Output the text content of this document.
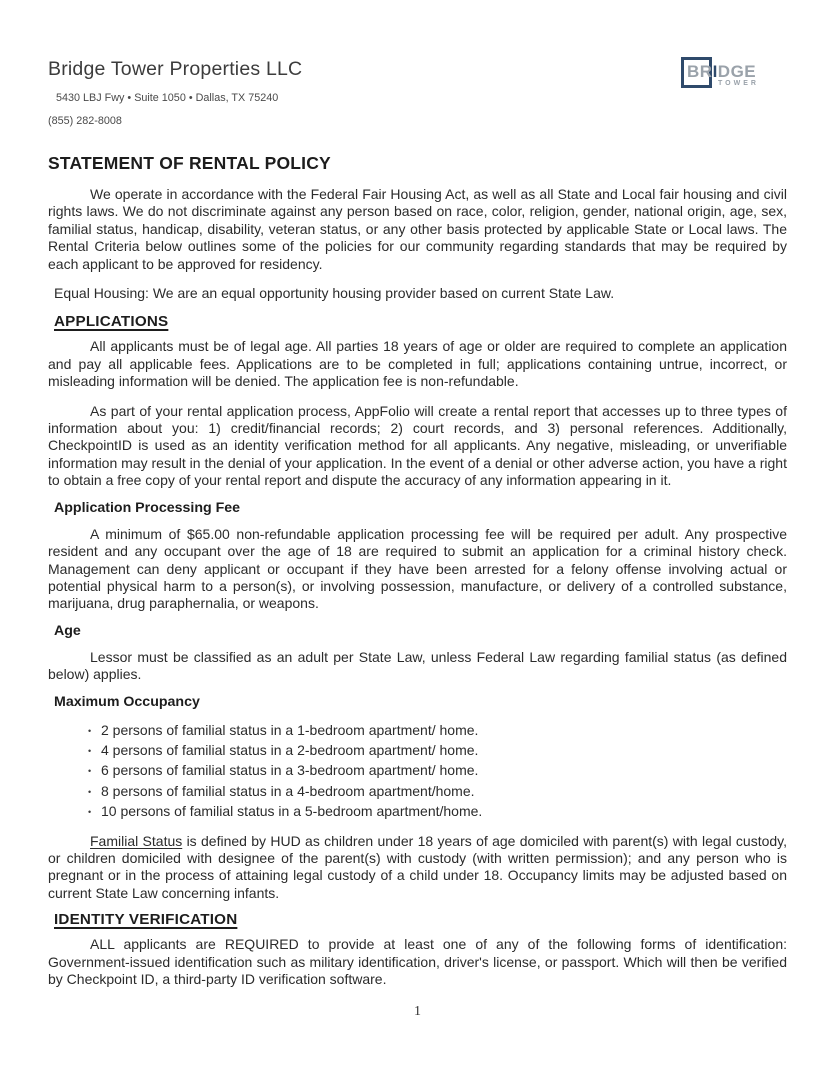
Bridge Tower Properties LLC
5430 LBJ Fwy • Suite 1050 • Dallas, TX 75240
(855) 282-8008
BRIDGE
TOWER
STATEMENT OF RENTAL POLICY

We operate in accordance with the Federal Fair Housing Act, as well as all State and Local fair housing and civil rights laws. We do not discriminate against any person based on race, color, religion, gender, national origin, age, sex, familial status, handicap, disability, veteran status, or any other basis protected by applicable State or Local laws. The Rental Criteria below outlines some of the policies for our community regarding standards that may be required by each applicant to be approved for residency.

Equal Housing: We are an equal opportunity housing provider based on current State Law.
APPLICATIONS

All applicants must be of legal age. All parties 18 years of age or older are required to complete an application and pay all applicable fees. Applications are to be completed in full; applications containing untrue, incorrect, or misleading information will be denied. The application fee is non-refundable.

As part of your rental application process, AppFolio will create a rental report that accesses up to three types of information about you: 1) credit/financial records; 2) court records, and 3) personal references. Additionally, CheckpointID is used as an identity verification method for all applicants. Any negative, misleading, or unverifiable information may result in the denial of your application. In the event of a denial or other adverse action, you have a right to obtain a free copy of your rental report and dispute the accuracy of any information appearing in it.

Application Processing Fee

A minimum of $65.00 non-refundable application processing fee will be required per adult. Any prospective resident and any occupant over the age of 18 are required to submit an application for a criminal history check. Management can deny applicant or occupant if they have been arrested for a felony offense involving actual or potential physical harm to a person(s), or involving possession, manufacture, or delivery of a controlled substance, marijuana, drug paraphernalia, or weapons.

Age

Lessor must be classified as an adult per State Law, unless Federal Law regarding familial status (as defined below) applies.

Maximum Occupancy
• 2 persons of familial status in a 1-bedroom apartment/ home.
• 4 persons of familial status in a 2-bedroom apartment/ home.
• 6 persons of familial status in a 3-bedroom apartment/ home.
• 8 persons of familial status in a 4-bedroom apartment/home.
• 10 persons of familial status in a 5-bedroom apartment/home.

Familial Status is defined by HUD as children under 18 years of age domiciled with parent(s) with legal custody, or children domiciled with designee of the parent(s) with custody (with written permission); and any person who is pregnant or in the process of attaining legal custody of a child under 18. Occupancy limits may be adjusted based on current State Law concerning infants.

IDENTITY VERIFICATION

ALL applicants are REQUIRED to provide at least one of any of the following forms of identification: Government-issued identification such as military identification, driver's license, or passport. Which will then be verified by Checkpoint ID, a third-party ID verification software.

1
